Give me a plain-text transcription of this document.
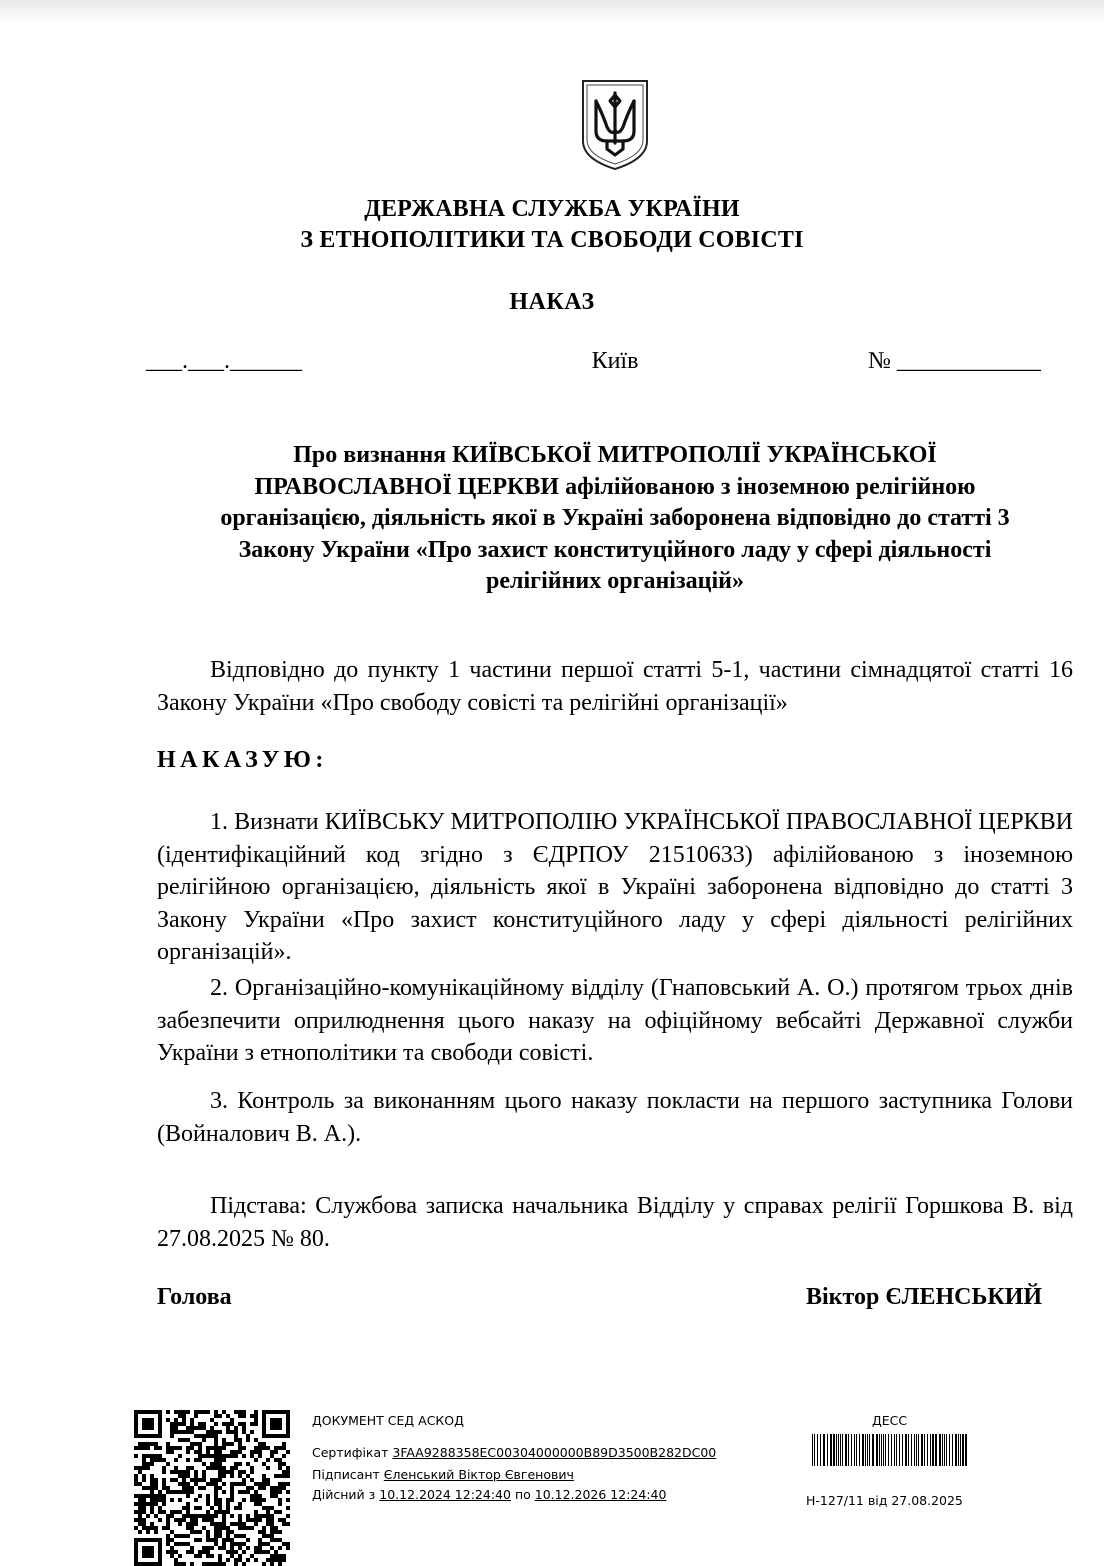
ДЕРЖАВНА СЛУЖБА УКРАЇНИ
З ЕТНОПОЛІТИКИ ТА СВОБОДИ СОВІСТІ
НАКАЗ
___.___.______	Київ	№ ____________
Про визнання КИЇВСЬКОЇ МИТРОПОЛІЇ УКРАЇНСЬКОЇ
ПРАВОСЛАВНОЇ ЦЕРКВИ афілійованою з іноземною релігійною
організацією, діяльність якої в Україні заборонена відповідно до статті 3
Закону України «Про захист конституційного ладу у сфері діяльності
релігійних організацій»

Відповідно до пункту 1 частини першої статті 5-1, частини сімнадцятої статті 16 Закону України «Про свободу совісті та релігійні організації»

НАКАЗУЮ:

1. Визнати КИЇВСЬКУ МИТРОПОЛІЮ УКРАЇНСЬКОЇ ПРАВОСЛАВНОЇ ЦЕРКВИ (ідентифікаційний код згідно з ЄДРПОУ 21510633) афілійованою з іноземною релігійною організацією, діяльність якої в Україні заборонена відповідно до статті 3 Закону України «Про захист конституційного ладу у сфері діяльності релігійних організацій».

2. Організаційно-комунікаційному відділу (Гнаповський А. О.) протягом трьох днів забезпечити оприлюднення цього наказу на офіційному вебсайті Державної служби України з етнополітики та свободи совісті.

3. Контроль за виконанням цього наказу покласти на першого заступника Голови (Войналович В. А.).

Підстава: Службова записка начальника Відділу у справах релігії Горшкова В. від 27.08.2025 № 80.

Голова	Віктор ЄЛЕНСЬКИЙ
ДОКУМЕНТ СЕД АСКОД
Сертифікат 3FAA9288358EC00304000000B89D3500B282DC00
Підписант Єленський Віктор Євгенович
Дійсний з 10.12.2024 12:24:40 по 10.12.2026 12:24:40
ДЕСС
Н-127/11 від 27.08.2025
